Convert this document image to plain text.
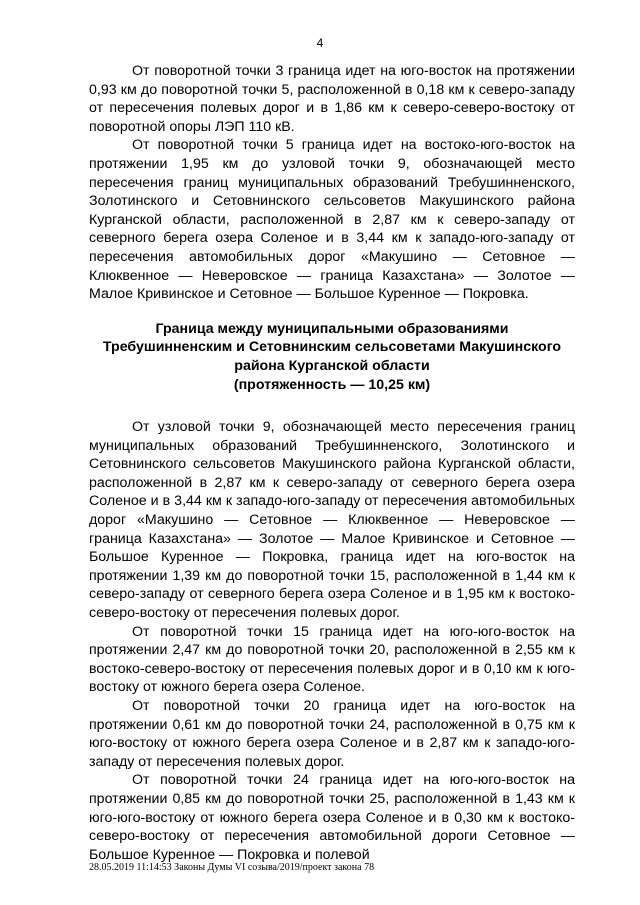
4

От поворотной точки 3 граница идет на юго-восток на протяжении 0,93 км до поворотной точки 5, расположенной в 0,18 км к северо-западу от пересечения полевых дорог и в 1,86 км к северо-северо-востоку от поворотной опоры ЛЭП 110 кВ.

От поворотной точки 5 граница идет на востоко-юго-восток на протяжении 1,95 км до узловой точки 9, обозначающей место пересечения границ муниципальных образований Требушинненского, Золотинского и Сетовнинского сельсоветов Макушинского района Курганской области, расположенной в 2,87 км к северо-западу от северного берега озера Соленое и в 3,44 км к западо-юго-западу от пересечения автомобильных дорог «Макушино — Сетовное — Клюквенное — Неверовское — граница Казахстана» — Золотое — Малое Кривинское и Сетовное — Большое Куренное — Покровка.

Граница между муниципальными образованиями
Требушинненским и Сетовнинским сельсоветами Макушинского
района Курганской области
(протяженность — 10,25 км)

От узловой точки 9, обозначающей место пересечения границ муниципальных образований Требушинненского, Золотинского и Сетовнинского сельсоветов Макушинского района Курганской области, расположенной в 2,87 км к северо-западу от северного берега озера Соленое и в 3,44 км к западо-юго-западу от пересечения автомобильных дорог «Макушино — Сетовное — Клюквенное — Неверовское — граница Казахстана» — Золотое — Малое Кривинское и Сетовное — Большое Куренное — Покровка, граница идет на юго-восток на протяжении 1,39 км до поворотной точки 15, расположенной в 1,44 км к северо-западу от северного берега озера Соленое и в 1,95 км к востоко-северо-востоку от пересечения полевых дорог.

От поворотной точки 15 граница идет на юго-юго-восток на протяжении 2,47 км до поворотной точки 20, расположенной в 2,55 км к востоко-северо-востоку от пересечения полевых дорог и в 0,10 км к юго-востоку от южного берега озера Соленое.

От поворотной точки 20 граница идет на юго-восток на протяжении 0,61 км до поворотной точки 24, расположенной в 0,75 км к юго-востоку от южного берега озера Соленое и в 2,87 км к западо-юго-западу от пересечения полевых дорог.

От поворотной точки 24 граница идет на юго-юго-восток на протяжении 0,85 км до поворотной точки 25, расположенной в 1,43 км к юго-юго-востоку от южного берега озера Соленое и в 0,30 км к востоко-северо-востоку от пересечения автомобильной дороги Сетовное — Большое Куренное — Покровка и полевой

28.05.2019 11:14:53 Законы Думы VI созыва/2019/проект закона 78
